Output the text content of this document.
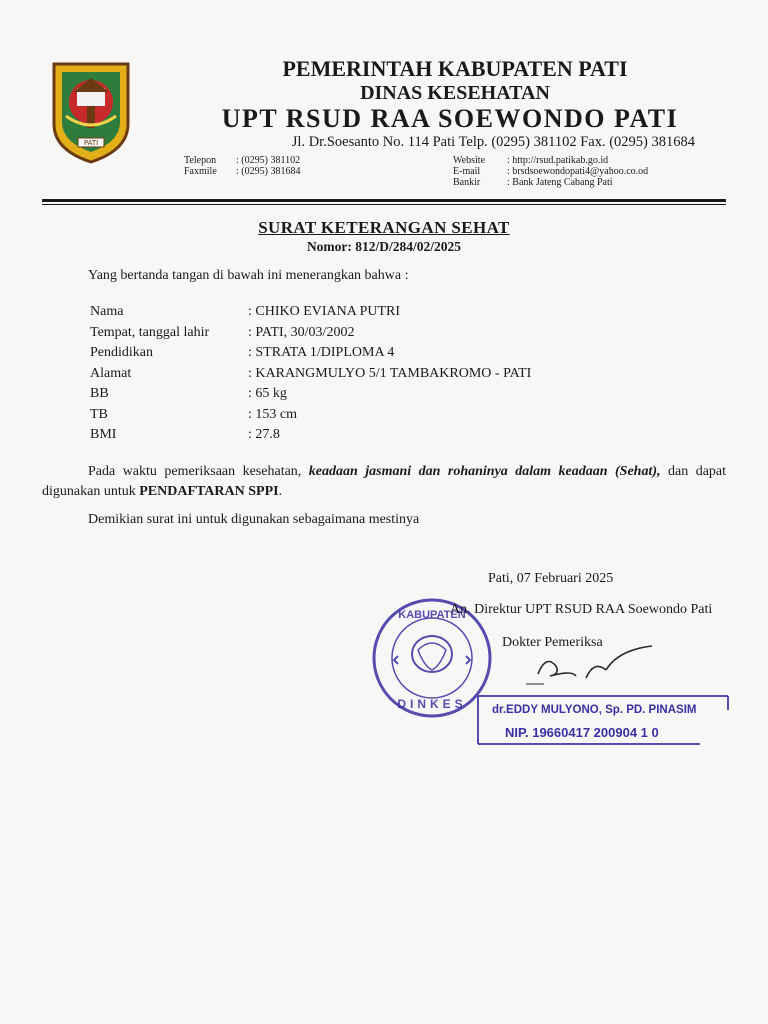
PATI
PEMERINTAH KABUPATEN PATI
DINAS KESEHATAN
UPT RSUD RAA SOEWONDO PATI
Jl. Dr.Soesanto No. 114 Pati Telp. (0295) 381102 Fax. (0295) 381684
Telepon	: (0295) 381102
Faxmile	: (0295) 381684
Website	: http://rsud.patikab.go.id
E-mail	: brsdsoewondopati4@yahoo.co.od
Bankir	: Bank Jateng Cabang Pati
SURAT KETERANGAN SEHAT
Nomor: 812/D/284/02/2025
Yang bertanda tangan di bawah ini menerangkan bahwa :
Nama	: CHIKO EVIANA PUTRI
Tempat, tanggal lahir	: PATI, 30/03/2002
Pendidikan	: STRATA 1/DIPLOMA 4
Alamat	: KARANGMULYO 5/1 TAMBAKROMO - PATI
BB	: 65 kg
TB	: 153 cm
BMI	: 27.8
Pada waktu pemeriksaan kesehatan, keadaan jasmani dan rohaninya dalam keadaan (Sehat), dan dapat digunakan untuk PENDAFTARAN SPPI.
Demikian surat ini untuk digunakan sebagaimana mestinya
Pati, 07 Februari 2025
KABUPATEN
DINKES
An. Direktur UPT RSUD RAA Soewondo Pati
Dokter Pemeriksa
dr.EDDY MULYONO, Sp. PD. PINASIM
NIP. 19660417 200904 1 0
